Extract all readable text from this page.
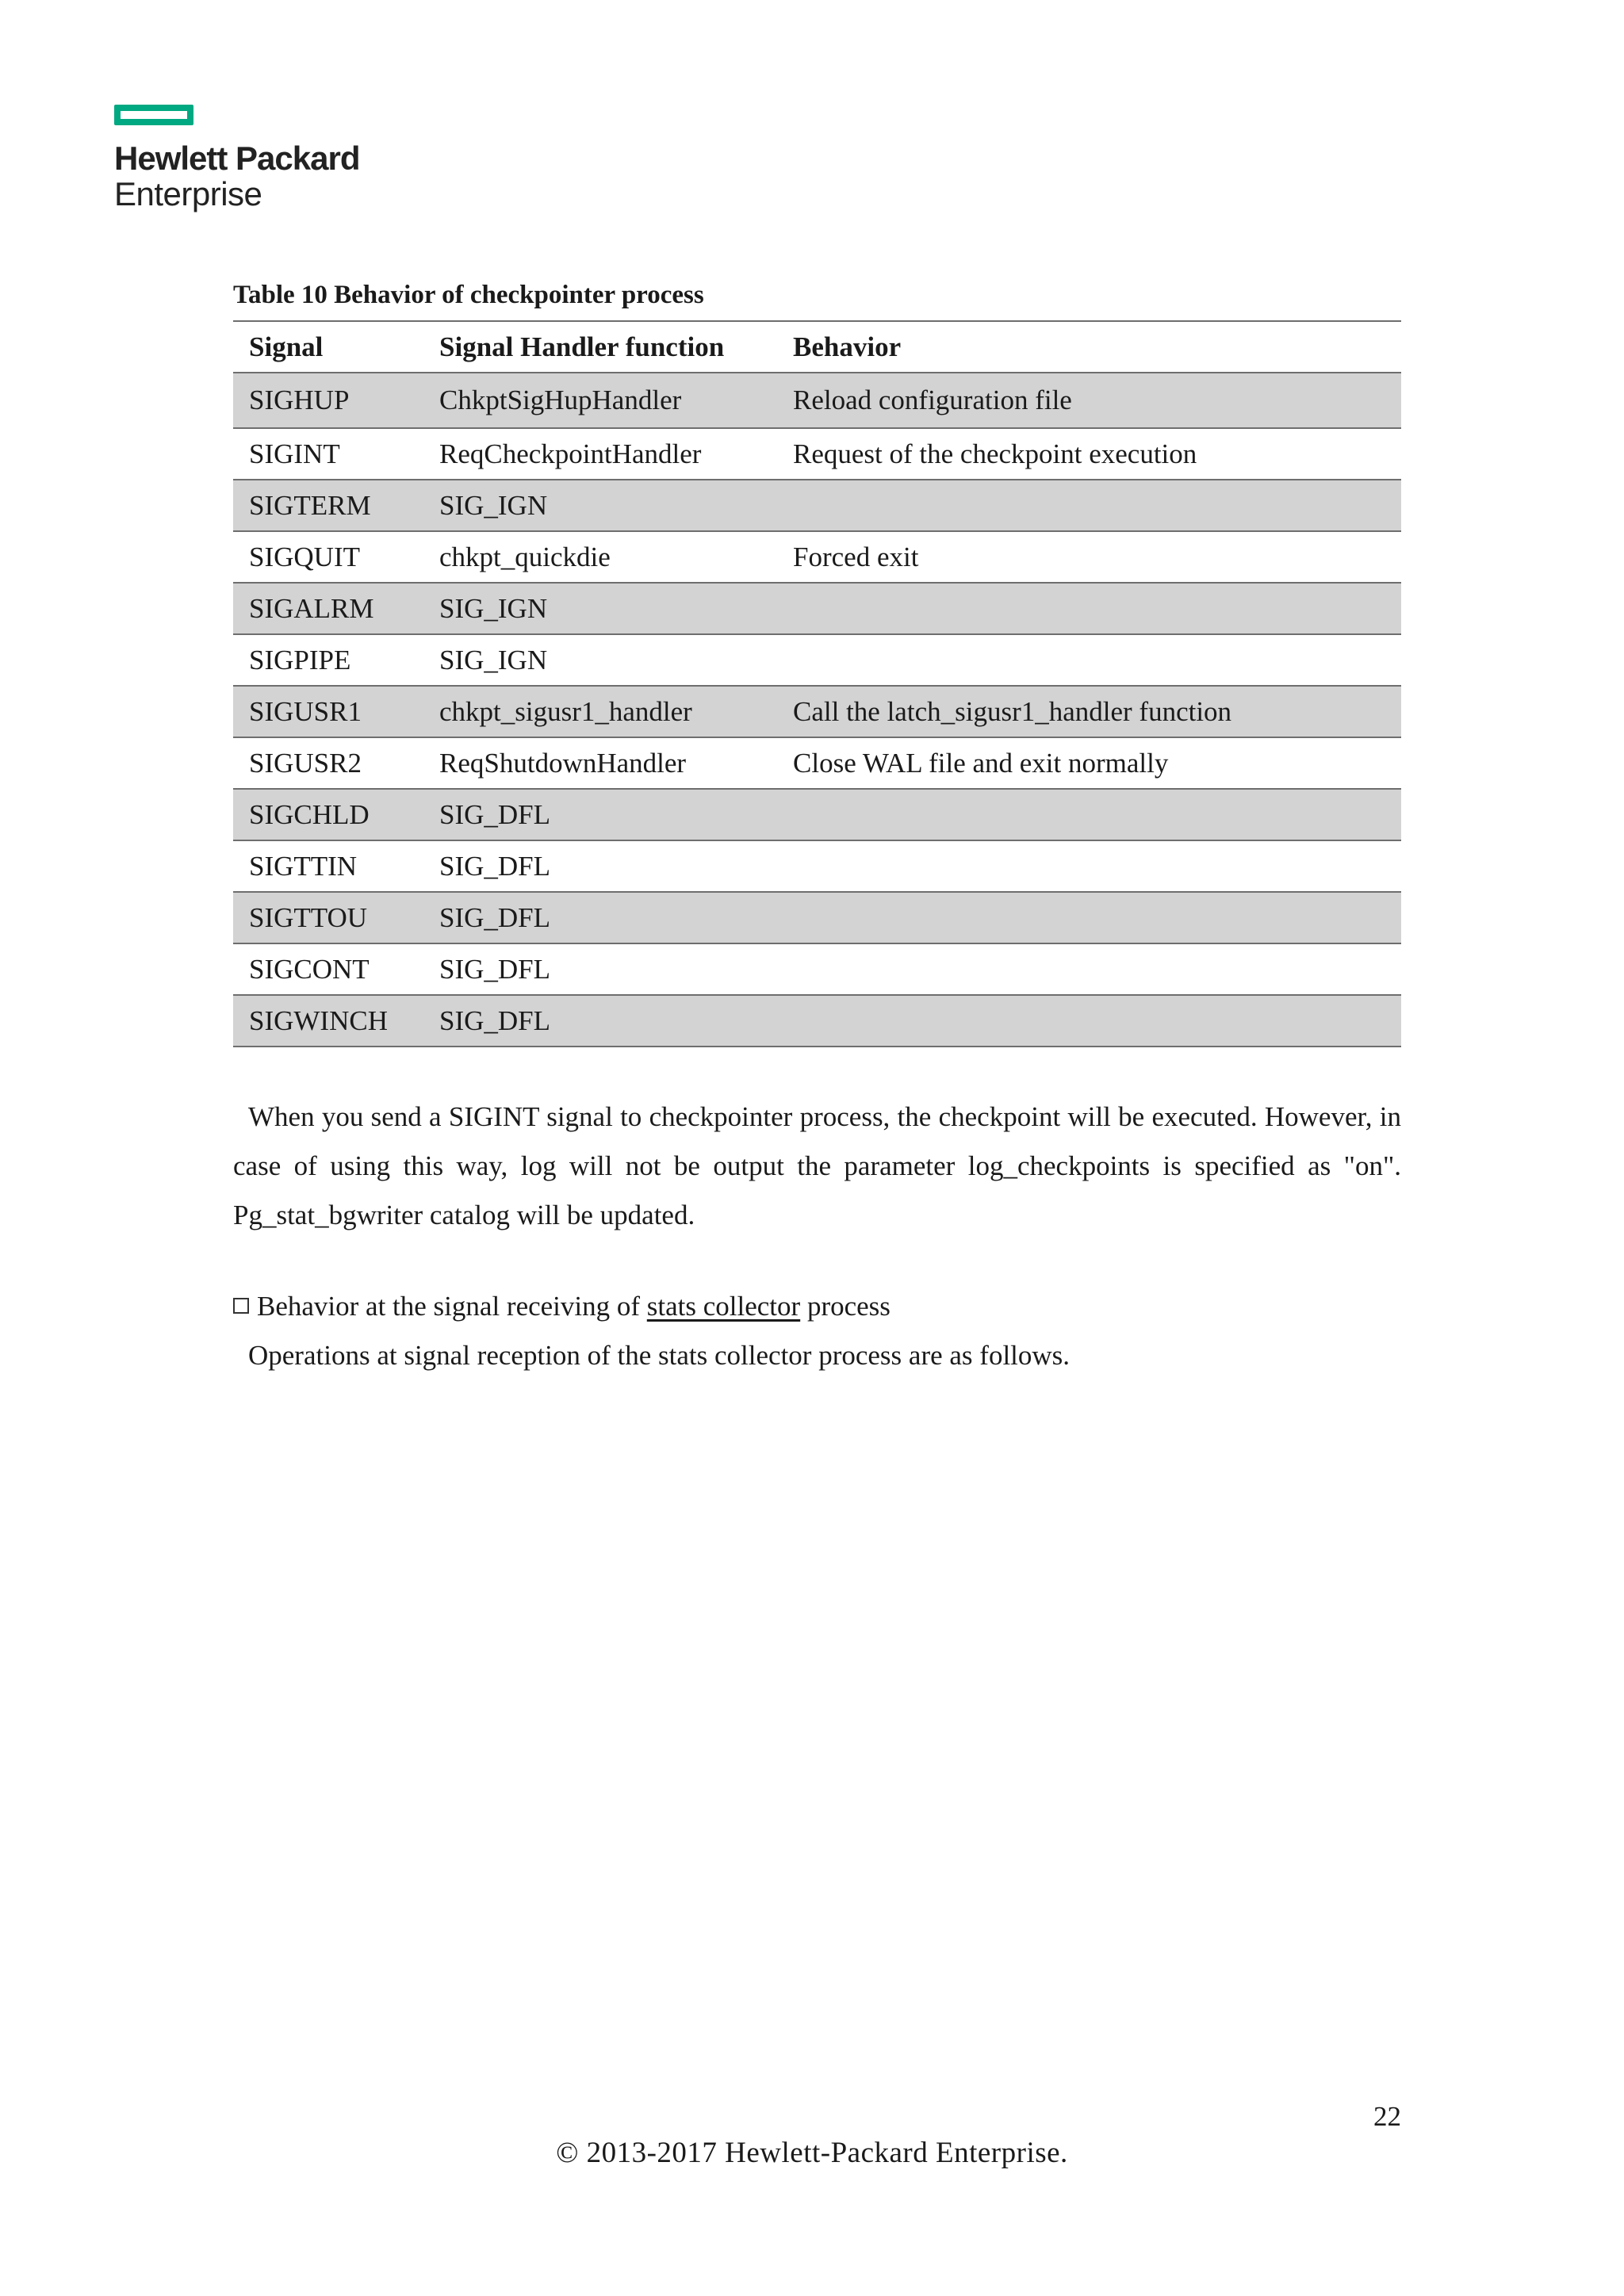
Hewlett Packard
Enterprise
Table 10 Behavior of checkpointer process
Signal	Signal Handler function	Behavior
SIGHUP	ChkptSigHupHandler	Reload configuration file
SIGINT	ReqCheckpointHandler	Request of the checkpoint execution
SIGTERM	SIG_IGN	
SIGQUIT	chkpt_quickdie	Forced exit
SIGALRM	SIG_IGN	
SIGPIPE	SIG_IGN	
SIGUSR1	chkpt_sigusr1_handler	Call the latch_sigusr1_handler function
SIGUSR2	ReqShutdownHandler	Close WAL file and exit normally
SIGCHLD	SIG_DFL	
SIGTTIN	SIG_DFL	
SIGTTOU	SIG_DFL	
SIGCONT	SIG_DFL	
SIGWINCH	SIG_DFL	

When you send a SIGINT signal to checkpointer process, the checkpoint will be executed. However, in case of using this way, log will not be output the parameter log_checkpoints is specified as "on". Pg_stat_bgwriter catalog will be updated.

Behavior at the signal receiving of stats collector process
Operations at signal reception of the stats collector process are as follows.
22
© 2013-2017 Hewlett-Packard Enterprise.
